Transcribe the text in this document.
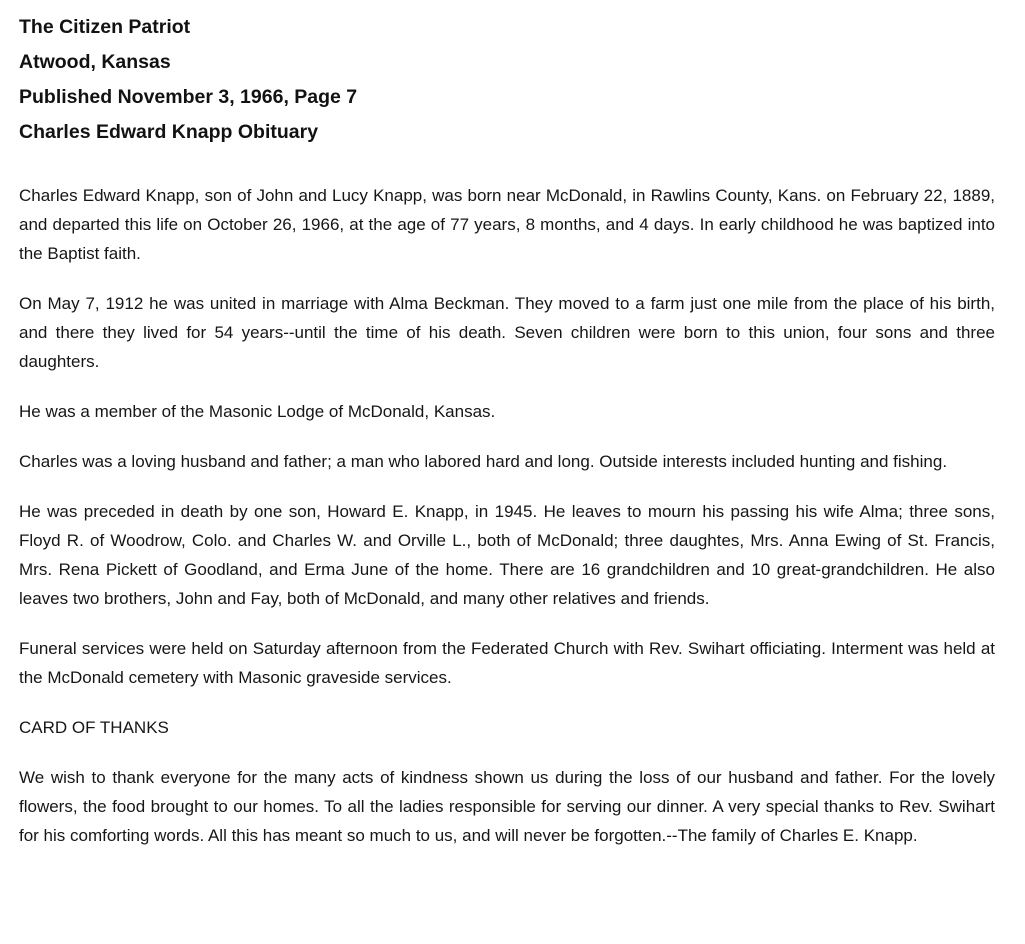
The Citizen Patriot
Atwood, Kansas
Published November 3, 1966, Page 7
Charles Edward Knapp Obituary

Charles Edward Knapp, son of John and Lucy Knapp, was born near McDonald, in Rawlins County, Kans. on February 22, 1889, and departed this life on October 26, 1966, at the age of 77 years, 8 months, and 4 days. In early childhood he was baptized into the Baptist faith.

On May 7, 1912 he was united in marriage with Alma Beckman. They moved to a farm just one mile from the place of his birth, and there they lived for 54 years--until the time of his death. Seven children were born to this union, four sons and three daughters.

He was a member of the Masonic Lodge of McDonald, Kansas.

Charles was a loving husband and father; a man who labored hard and long. Outside interests included hunting and fishing.

He was preceded in death by one son, Howard E. Knapp, in 1945. He leaves to mourn his passing his wife Alma; three sons, Floyd R. of Woodrow, Colo. and Charles W. and Orville L., both of McDonald; three daughtes, Mrs. Anna Ewing of St. Francis, Mrs. Rena Pickett of Goodland, and Erma June of the home. There are 16 grandchildren and 10 great-grandchildren. He also leaves two brothers, John and Fay, both of McDonald, and many other relatives and friends.

Funeral services were held on Saturday afternoon from the Federated Church with Rev. Swihart officiating. Interment was held at the McDonald cemetery with Masonic graveside services.

CARD OF THANKS

We wish to thank everyone for the many acts of kindness shown us during the loss of our husband and father. For the lovely flowers, the food brought to our homes. To all the ladies responsible for serving our dinner. A very special thanks to Rev. Swihart for his comforting words. All this has meant so much to us, and will never be forgotten.--The family of Charles E. Knapp.
